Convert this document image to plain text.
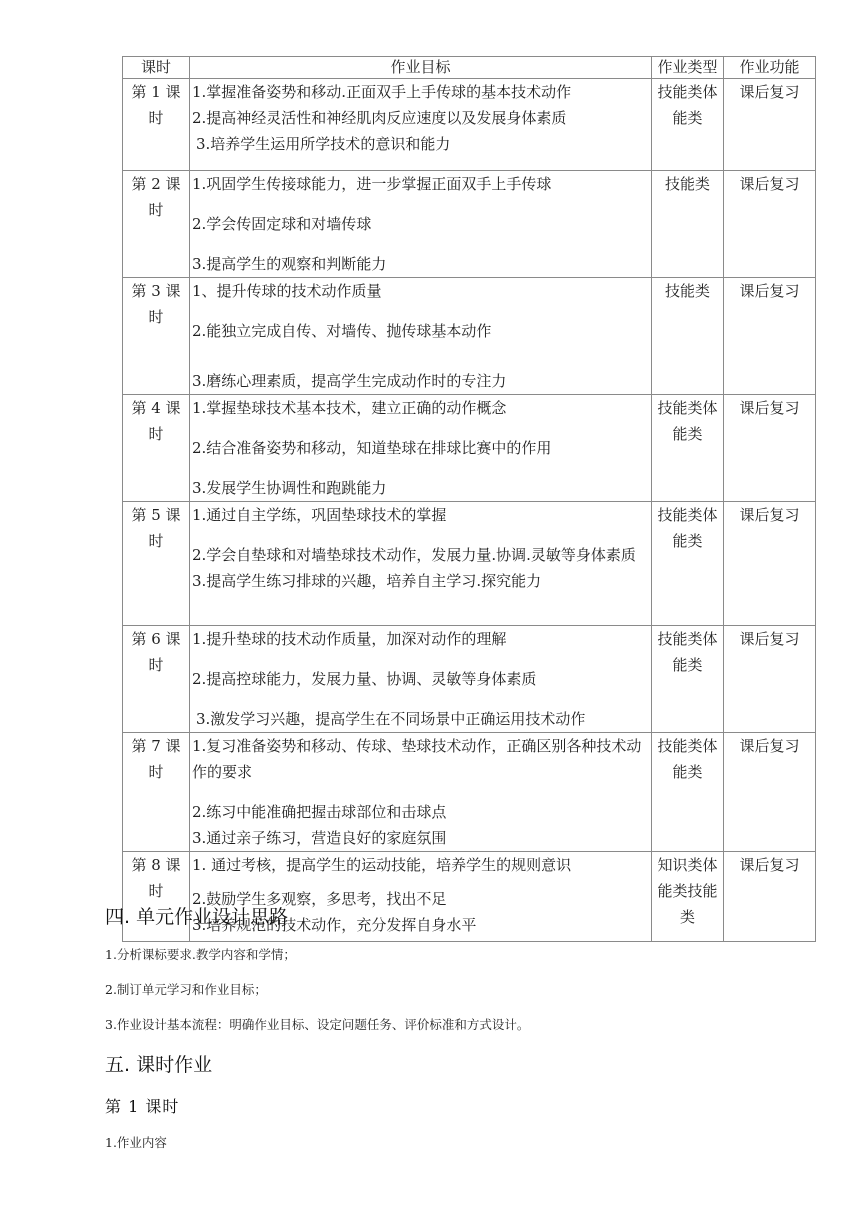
课时	作业目标	作业类型	作业功能
第 1 课时	1.掌握准备姿势和移动.正面双手上手传球的基本技术动作
2.提高神经灵活性和神经肌肉反应速度以及发展身体素质
3.培养学生运用所学技术的意识和能力	技能类体能类	课后复习
第 2 课时	1.巩固学生传接球能力，进一步掌握正面双手上手传球
2.学会传固定球和对墙传球
3.提高学生的观察和判断能力	技能类	课后复习
第 3 课时	1、提升传球的技术动作质量
2.能独立完成自传、对墙传、抛传球基本动作
3.磨练心理素质，提高学生完成动作时的专注力	技能类	课后复习
第 4 课时	1.掌握垫球技术基本技术，建立正确的动作概念
2.结合准备姿势和移动，知道垫球在排球比赛中的作用
3.发展学生协调性和跑跳能力	技能类体能类	课后复习
第 5 课时	1.通过自主学练，巩固垫球技术的掌握
2.学会自垫球和对墙垫球技术动作，发展力量.协调.灵敏等身体素质
3.提高学生练习排球的兴趣，培养自主学习.探究能力	技能类体能类	课后复习
第 6 课时	1.提升垫球的技术动作质量，加深对动作的理解
2.提高控球能力，发展力量、协调、灵敏等身体素质
3.激发学习兴趣，提高学生在不同场景中正确运用技术动作	技能类体能类	课后复习
第 7 课时	1.复习准备姿势和移动、传球、垫球技术动作，正确区别各种技术动作的要求
2.练习中能准确把握击球部位和击球点
3.通过亲子练习，营造良好的家庭氛围	技能类体能类	课后复习
第 8 课时	1. 通过考核，提高学生的运动技能，培养学生的规则意识
2.鼓励学生多观察，多思考，找出不足
3.培养规范的技术动作，充分发挥自身水平	知识类体能类技能类	课后复习
四. 单元作业设计思路
1.分析课标要求.教学内容和学情；
2.制订单元学习和作业目标；
3.作业设计基本流程：明确作业目标、设定问题任务、评价标准和方式设计。
五. 课时作业
第 1 课时
1.作业内容
